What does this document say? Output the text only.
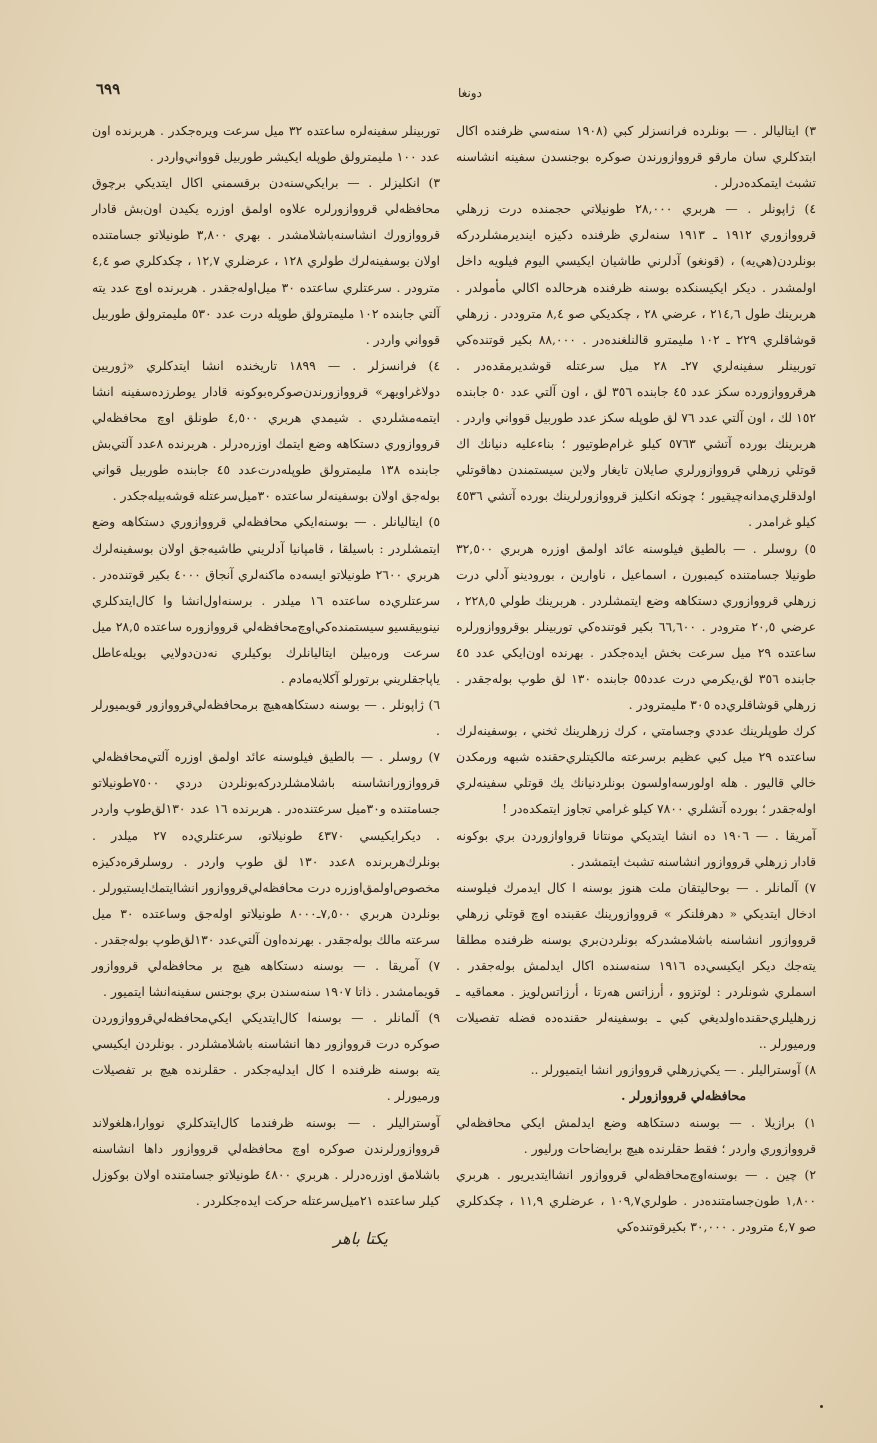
٦٩٩	دونغا

٣) ايتاليالر . — بونلرده فرانسزلر كبي (١٩٠٨ سنه‌سي ظرفنده اكال ابتدكلري سان مارقو قرووازورندن صوكره بوجنسدن سفينه انشاسنه تشبث ايتمكده‌درلر .

٤) ژاپونلر . — هربري ٢٨,٠٠٠ طونيلاتي حجمنده درت زرهلي قرووازوري ١٩١٢ ـ ١٩١٣ سنه‌لري ظرفنده دكيزه اينديرمشلردركه بونلردن(هي‌يه) ، (قونغو) آدلرني طاشيان ايكيسي اليوم فيلويه داخل اولمشدر . ديكر ايكيسنكده بوسنه ظرفنده هرحالده اكالي مأمولدر . هربرينك طول ٢١٤,٦ ، عرضي ٢٨ ، چكديكي صو ٨,٤ متروددر . زرهلي قوشاقلري ٢٢٩ ـ ١٠٢ مليمترو قالنلغنده‌در . ٨٨,٠٠٠ بكير قوتنده‌كي توربينلر سفينه‌لري ٢٧ـ ٢٨ ميل سرعتله قوشديرمقده‌در . هرقرووازورده سكز عدد ٤٥ جابنده ٣٥٦ لق ، اون آلتي عدد ٥٠ جابنده ١٥٢ لك ، اون آلتي عدد ٧٦ لق طوپله سكز عدد طوربيل قوواني واردر . هربرينك بورده آتشي ٥٧٦٣ كيلو غرام‌طوتيور ؛ بناءعليه دنيانك اك قوتلي زرهلي قرووازورلري صايلان تايغار ولاين سيستمندن دهاقوتلي اولدقلري‌مدانه‌چيقيور ؛ چونكه انكليز قرووازورلرينك بورده آتشي ٤٥٣٦ كيلو غرامدر .

٥) روسلر . — بالطيق فيلوسنه عائد اولمق اوزره هربري ٣٢,٥٠٠ طونيلا جسامتنده كيمبورن ، اسماعيل ، ناوارين ، بورودينو آدلي درت زرهلي قرووازوري دستكاهه وضع ايتمشلردر . هربرينك طولي ٢٢٨,٥ ، عرضي ٢٠,٥ مترودر . ٦٦,٦٠٠ بكير قوتنده‌كي توربينلر بوقرووازورلره ساعتده ٢٩ ميل سرعت بخش ايده‌جكدر . بهرنده اون‌ايكي عدد ٤٥ جابنده ٣٥٦ لق،يكرمي درت عدد٥٥ جابنده ١٣٠ لق طوپ بوله‌جقدر . زرهلي قوشاقلري‌ده ٣٠٥ مليمترودر .

كرك طوپلرينك عددي وجسامتي ، كرك زرهلرينك ثخني ، بوسفينه‌لرك ساعتده ٢٩ ميل كبي عظيم برسرعته مالكيتلري‌حقنده شبهه ورمكدن خالي قاليور . هله اولورسه‌اولسون بونلردنيانك يك قوتلي سفينه‌لري اوله‌جقدر ؛ بورده آتشلري ٧٨٠٠ كيلو غرامي تجاوز ايتمكده‌در !

آمريقا . — ١٩٠٦ ده انشا ايتديكي مونتانا قرواوازوردن بري بوكونه قادار زرهلي قرووازور انشاسنه تشبث ايتمشدر .

٧) آلمانلر . — بوحاليتقان ملت هنوز بوسنه ا كال ايدمرك فيلوسنه ادخال ايتديكي « دهرفلنكر » قرووازورينك عقبنده اوچ قوتلي زرهلي قرووازور انشاسنه باشلامشدركه بونلردن‌بري بوسنه ظرفنده مطلقا يته‌جك ديكر ايكيسي‌ده ١٩١٦ سنه‌سنده اكال ايدلمش بوله‌جقدر . اسملري شونلردر : لوتزوو ، أرزاتس هەرتا ، أرزاتس‌لويز . معماقيه ـ زرهليلري‌حقنده‌اولديغي كبي ـ بوسفينه‌لر حقنده‌ده فضله تفصيلات ورميورلر ..

٨) آوستراليلر . — يكي‌زرهلي قرووازور انشا ايتميورلر ..

محافظه‌لي قرووازورلر .

١) برازيلا . — بوسنه دستكاهه وضع ايدلمش ايكي محافظه‌لي قرووازوري واردر ؛ فقط حقلرنده هيچ برايضاحات ورليور .

٢) چين . — بوسنه‌اوچ‌محافظه‌لي قرووازور انشاايتديريور . هربري ١,٨٠٠ طون‌جسامتنده‌در . طولري١٠٩,٧ ، عرضلري ١١,٩ ، چكدكلري صو ٤,٧ مترودر . ٣٠,٠٠٠ بكيرقوتنده‌كي

توربينلر سفينه‌لره ساعتده ٣٢ ميل سرعت ويره‌جكدر . هربرنده اون عدد ١٠٠ مليمترولق طوپله ايكيشر طوربيل قوواني‌واردر .

٣) انكليزلر . — برايكي‌سنه‌دن برقسمني اكال ايتديكي برچوق محافظه‌لي قرووازورلره علاوه اولمق اوزره يكيدن اون‌بش قادار قرووازورك انشاسنه‌باشلامشدر . بهري ٣,٨٠٠ طونيلاتو جسامتنده اولان بوسفينه‌لرك طولري ١٢٨ ، عرضلري ١٢,٧ ، چكدكلري صو ٤,٤ مترودر . سرعتلري ساعتده ٣٠ ميل‌اوله‌جقدر . هربرنده اوچ عدد يته آلتي جابنده ١٠٢ مليمترولق طوپله درت عدد ٥٣٠ مليمترولق طوربيل قوواني واردر .

٤) فرانسزلر . — ١٨٩٩ تاريخنده انشا ايتدكلري «ژوريين دولاغراويهر» قرووازورندن‌صوكره‌بوكونه قادار يوطرزده‌سفينه انشا ايتمه‌مشلردي . شيمدي هربري ٤,٥٠٠ طونلق اوچ محافظه‌لي قرووازوري دستكاهه وضع ايتمك اوزره‌درلر . هربرنده ٨عدد آلتي‌بش جابنده ١٣٨ مليمترولق طوپله‌درت‌عدد ٤٥ جابنده طوربيل قواني بوله‌جق اولان بوسفينه‌لر ساعتده ٣٠ميل‌سرعتله قوشه‌بيله‌جكدر .

٥) ايتاليانلر . — بوسنه‌ايكي محافظه‌لي قرووازوري دستكاهه وضع ايتمشلردر : باسيلقا ، قامپانيا آدلريني طاشيه‌جق اولان بوسفينه‌لرك هربري ٢٦٠٠ طونيلاتو ايسه‌ده ماكنه‌لري آنجاق ٤٠٠٠ بكير قوتنده‌در . سرعتلري‌ده ساعتده ١٦ ميلدر . برسنه‌اول‌انشا وا كال‌ايتدكلري نينو‌بيقسيو سيستمنده‌كي‌اوچ‌محافظه‌لي قرووازوره ساعتده ٢٨,٥ ميل سرعت وره‌بيلن ايتاليانلرك بوكيلري نه‌دن‌دولايي بويله‌عاطل يا‌پاجقلريني برتورلو آكلايه‌مادم .

٦) ژاپونلر . — بوسنه دستكاهه‌هيچ برمحافظه‌لي‌قرووازور قويميورلر .

٧) روسلر . — بالطيق فيلوسنه عائد اولمق اوزره آلتي‌محافظه‌لي قرووازورانشاسنه باشلامشلردركه‌بونلردن دردي ٧٥٠٠طونيلاتو جسامتنده و٣٠ميل سرعتنده‌در . هربرنده ١٦ عدد ١٣٠لق‌طوپ واردر . ديكرايكيسي ٤٣٧٠ طونيلاتو، سرعتلري‌ده ٢٧ ميلدر . بونلرك‌هربرنده ٨عدد ١٣٠ لق طوپ واردر . روسلرقره‌دكيزه مخصوص‌اولمق‌اوزره درت محافظه‌لي‌قرووازور انشاايتمك‌ايستيورلر . بونلردن هربري ٧,٥٠٠ـ٨٠٠٠ طونيلاتو اوله‌جق وساعتده ٣٠ ميل سرعته مالك بوله‌جقدر . بهرنده‌اون آلتي‌عدد ١٣٠لق‌طوپ بوله‌جقدر .

٧) آمريقا . — بوسنه دستكاهه هيچ بر محافظه‌لي قرووازور قويمامشدر . ذاتا ١٩٠٧ سنه‌سندن بري بوجنس سفينه‌انشا ايتميور .

٩) آلمانلر . — بوسنه‌ا كال‌ايتديكي ايكي‌محافظه‌لي‌قرووازوردن صوكره درت قرووازور دها انشاسنه باشلامشلردر . بونلردن ايكيسي يته بوسنه ظرفنده ا كال ايدليه‌جكدر . حقلرنده هيچ بر تفصيلات ورميورلر .

آوستراليلر . — بوسنه ظرفندما كال‌ايتدكلري نووارا،هلغولاند قرووازورلرندن صوكره اوچ محافظه‌لي قرووازور داها انشاسنه باشلامق اوزره‌درلر . هربري ٤٨٠٠ طونيلاتو جسامتنده اولان بوكوزل كيلر ساعتده ٢١ميل‌سرعتله حركت ايده‌جكلردر .

يكتا باهر
